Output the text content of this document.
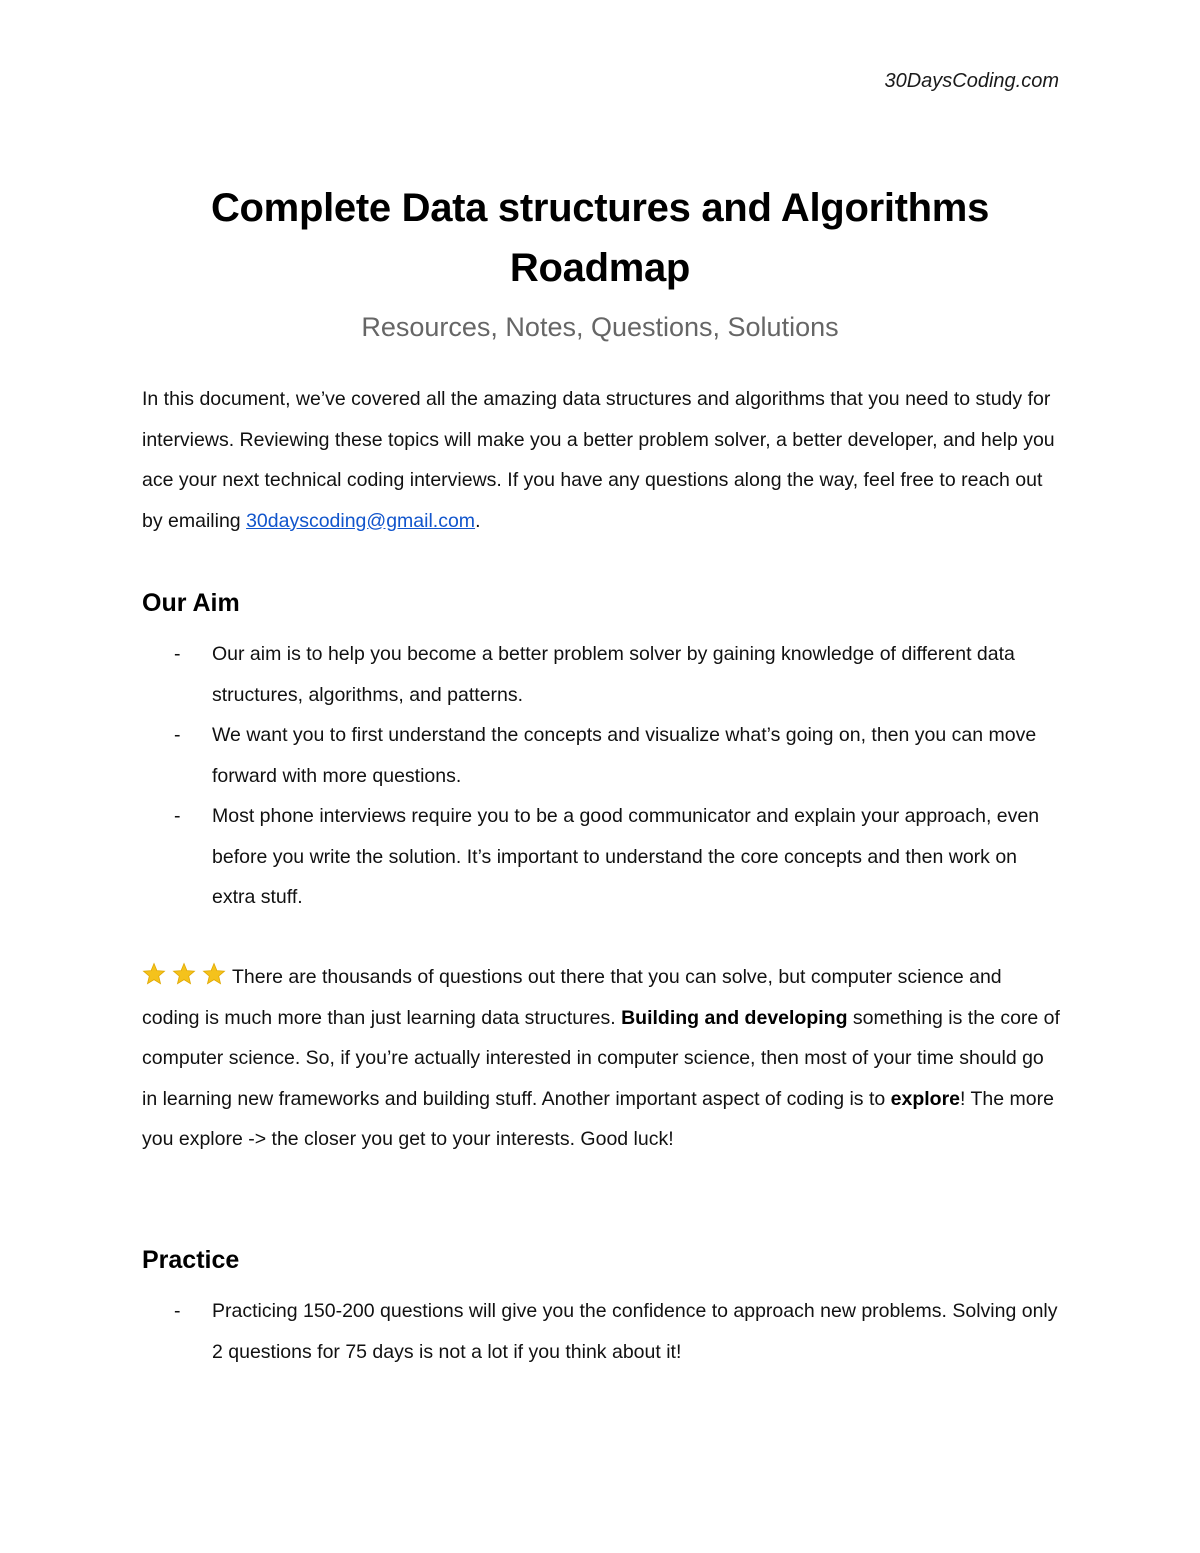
30DaysCoding.com
Complete Data structures and Algorithms
Roadmap
Resources, Notes, Questions, Solutions
In this document, we’ve covered all the amazing data structures and algorithms that you need to study for interviews. Reviewing these topics will make you a better problem solver, a better developer, and help you ace your next technical coding interviews. If you have any questions along the way, feel free to reach out by emailing 30dayscoding@gmail.com.
Our Aim
- Our aim is to help you become a better problem solver by gaining knowledge of different data structures, algorithms, and patterns.
- We want you to first understand the concepts and visualize what’s going on, then you can move forward with more questions.
- Most phone interviews require you to be a good communicator and explain your approach, even before you write the solution. It’s important to understand the core concepts and then work on extra stuff.
There are thousands of questions out there that you can solve, but computer science and coding is much more than just learning data structures. Building and developing something is the core of computer science. So, if you’re actually interested in computer science, then most of your time should go in learning new frameworks and building stuff. Another important aspect of coding is to explore! The more you explore -> the closer you get to your interests. Good luck!
Practice
- Practicing 150-200 questions will give you the confidence to approach new problems. Solving only 2 questions for 75 days is not a lot if you think about it!
